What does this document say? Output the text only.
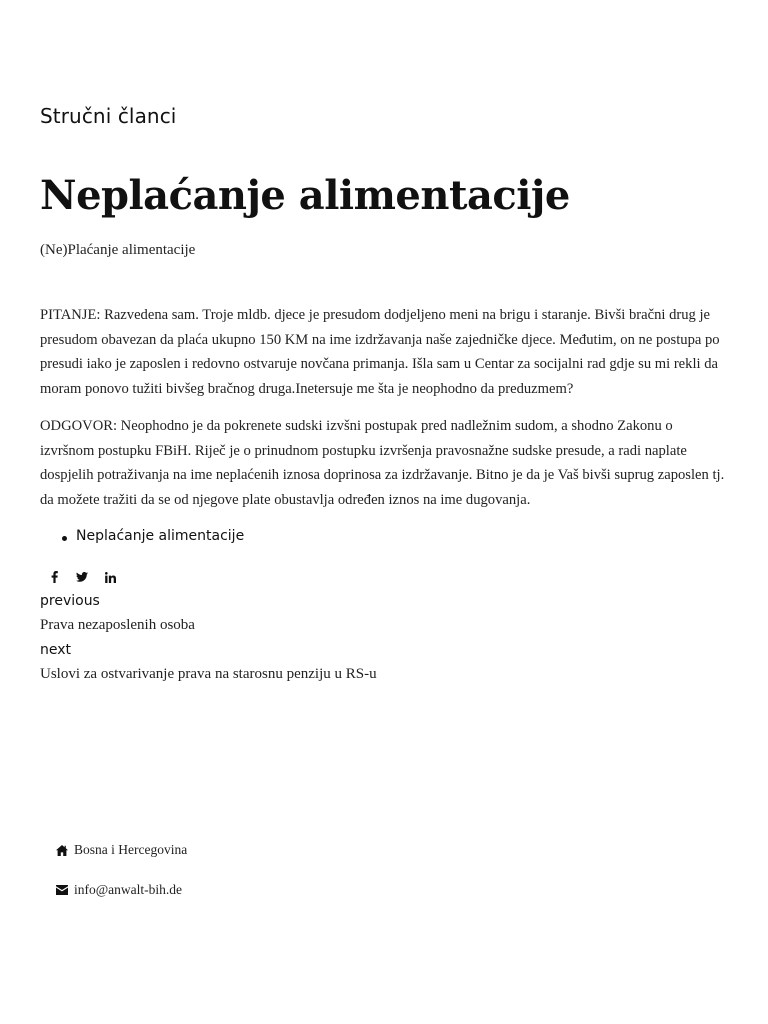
Stručni članci
Neplaćanje alimentacije
(Ne)Plaćanje alimentacije

PITANJE: Razvedena sam. Troje mldb. djece je presudom dodjeljeno meni na brigu i staranje. Bivši bračni drug je presudom obavezan da plaća ukupno 150 KM na ime izdržavanja naše zajedničke djece. Međutim, on ne postupa po presudi iako je zaposlen i redovno ostvaruje novčana primanja. Išla sam u Centar za socijalni rad gdje su mi rekli da moram ponovo tužiti bivšeg bračnog druga.Inetersuje me šta je neophodno da preduzmem?

ODGOVOR: Neophodno je da pokrenete sudski izvšni postupak pred nadležnim sudom, a shodno Zakonu o izvršnom postupku FBiH. Riječ je o prinudnom postupku izvršenja pravosnažne sudske presude, a radi naplate dospjelih potraživanja na ime neplaćenih iznosa doprinosa za izdržavanje. Bitno je da je Vaš bivši suprug zaposlen tj. da možete tražiti da se od njegove plate obustavlja određen iznos na ime dugovanja.

Neplaćanje alimentacije
previous
Prava nezaposlenih osoba
next
Uslovi za ostvarivanje prava na starosnu penziju u RS-u
Bosna i Hercegovina
info@anwalt-bih.de
